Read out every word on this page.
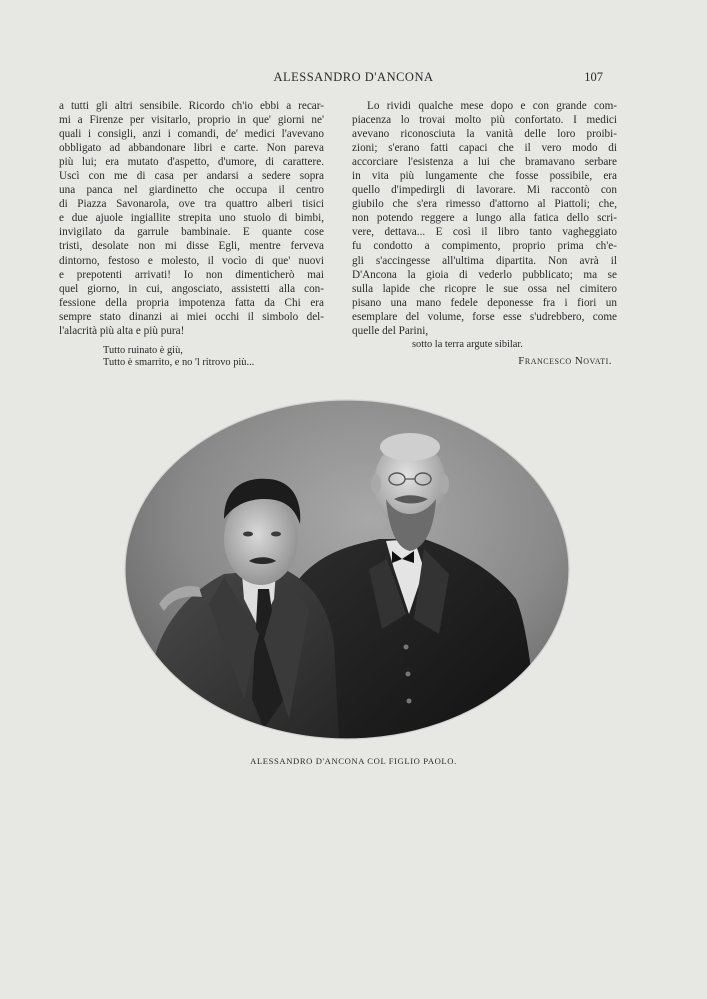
ALESSANDRO D'ANCONA	107
a tutti gli altri sensibile. Ricordo ch'io ebbi a recar-
mi a Firenze per visitarlo, proprio in que' giorni ne'
quali i consigli, anzi i comandi, de' medici l'avevano
obbligato ad abbandonare libri e carte. Non pareva
più lui; era mutato d'aspetto, d'umore, di carattere.
Uscì con me di casa per andarsi a sedere sopra
una panca nel giardinetto che occupa il centro
di Piazza Savonarola, ove tra quattro alberi tisici
e due ajuole ingiallite strepita uno stuolo di bimbi,
invigilato da garrule bambinaie. E quante cose
tristi, desolate non mi disse Egli, mentre ferveva
dintorno, festoso e molesto, il vocìo di que' nuovi
e prepotenti arrivati! Io non dimenticherò mai
quel giorno, in cui, angosciato, assistetti alla con-
fessione della propria impotenza fatta da Chi era
sempre stato dinanzi ai miei occhi il simbolo del-
l'alacrità più alta e più pura!
Tutto ruinato è giù,
Tutto è smarrito, e no 'l ritrovo più...
Lo rividi qualche mese dopo e con grande com-
piacenza lo trovai molto più confortato. I medici
avevano riconosciuta la vanità delle loro proibi-
zioni; s'erano fatti capaci che il vero modo di
accorciare l'esistenza a lui che bramavano serbare
in vita più lungamente che fosse possibile, era
quello d'impedirgli di lavorare. Mi raccontò con
giubilo che s'era rimesso d'attorno al Piattoli; che,
non potendo reggere a lungo alla fatica dello scri-
vere, dettava... E così il libro tanto vagheggiato
fu condotto a compimento, proprio prima ch'e-
gli s'accingesse all'ultima dipartita. Non avrà il
D'Ancona la gioia di vederlo pubblicato; ma se
sulla lapide che ricopre le sue ossa nel cimitero
pisano una mano fedele deponesse fra i fiori un
esemplare del volume, forse esse s'udrebbero, come
quelle del Parini,
sotto la terra argute sibilar.
Francesco Novati.
ALESSANDRO D'ANCONA COL FIGLIO PAOLO.
